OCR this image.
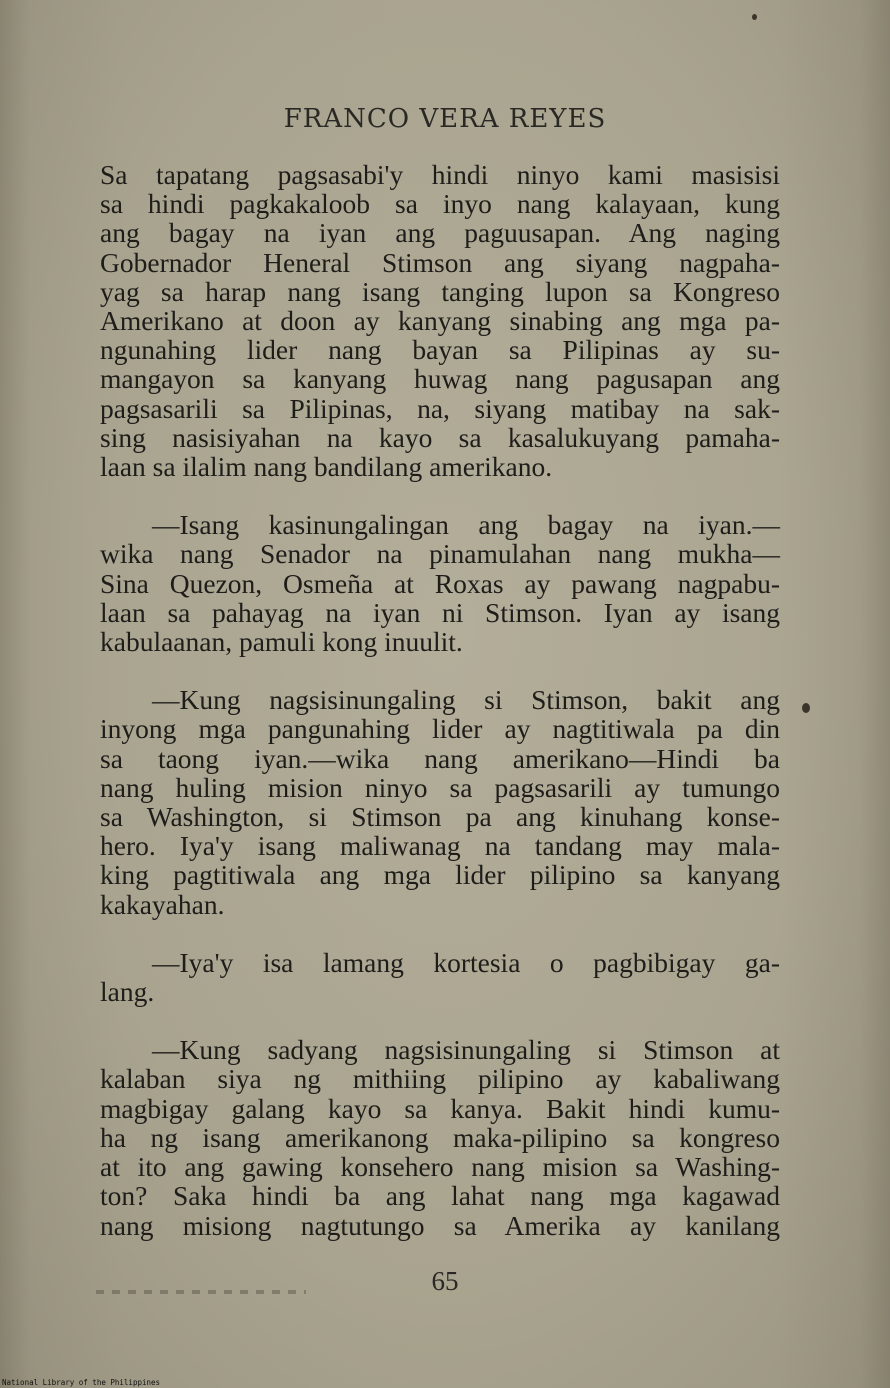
FRANCO VERA REYES
Sa tapatang pagsasabi'y hindi ninyo kami masisisi
sa hindi pagkakaloob sa inyo nang kalayaan, kung
ang bagay na iyan ang paguusapan. Ang naging
Gobernador Heneral Stimson ang siyang nagpaha-
yag sa harap nang isang tanging lupon sa Kongreso
Amerikano at doon ay kanyang sinabing ang mga pa-
ngunahing lider nang bayan sa Pilipinas ay su-
mangayon sa kanyang huwag nang pagusapan ang
pagsasarili sa Pilipinas, na, siyang matibay na sak-
sing nasisiyahan na kayo sa kasalukuyang pamaha-
laan sa ilalim nang bandilang amerikano.
—Isang kasinungalingan ang bagay na iyan.—
wika nang Senador na pinamulahan nang mukha—
Sina Quezon, Osmeña at Roxas ay pawang nagpabu-
laan sa pahayag na iyan ni Stimson. Iyan ay isang
kabulaanan, pamuli kong inuulit.
—Kung nagsisinungaling si Stimson, bakit ang
inyong mga pangunahing lider ay nagtitiwala pa din
sa taong iyan.—wika nang amerikano—Hindi ba
nang huling mision ninyo sa pagsasarili ay tumungo
sa Washington, si Stimson pa ang kinuhang konse-
hero. Iya'y isang maliwanag na tandang may mala-
king pagtitiwala ang mga lider pilipino sa kanyang
kakayahan.
—Iya'y isa lamang kortesia o pagbibigay ga-
lang.
—Kung sadyang nagsisinungaling si Stimson at
kalaban siya ng mithiing pilipino ay kabaliwang
magbigay galang kayo sa kanya. Bakit hindi kumu-
ha ng isang amerikanong maka-pilipino sa kongreso
at ito ang gawing konsehero nang mision sa Washing-
ton? Saka hindi ba ang lahat nang mga kagawad
nang misiong nagtutungo sa Amerika ay kanilang
65
National Library of the Philippines
